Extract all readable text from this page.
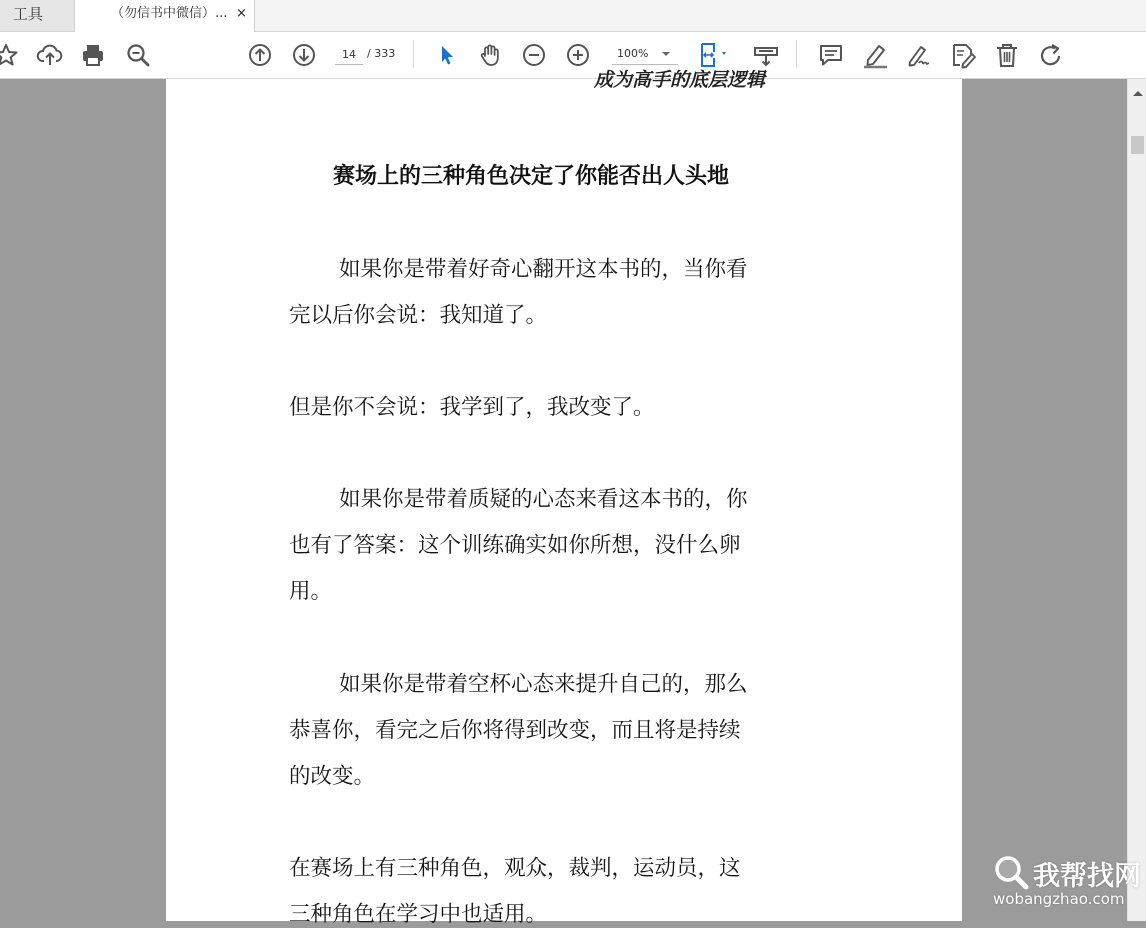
工具	（勿信书中微信）... ×
14
/ 333	100%
成为高手的底层逻辑
赛场上的三种角色决定了你能否出人头地
如果你是带着好奇心翻开这本书的，当你看
完以后你会说：我知道了。
但是你不会说：我学到了，我改变了。
如果你是带着质疑的心态来看这本书的，你
也有了答案：这个训练确实如你所想，没什么卵
用。
如果你是带着空杯心态来提升自己的，那么
恭喜你，看完之后你将得到改变，而且将是持续
的改变。
在赛场上有三种角色，观众，裁判，运动员，这
三种角色在学习中也适用。
我帮找网
wobangzhao.com
